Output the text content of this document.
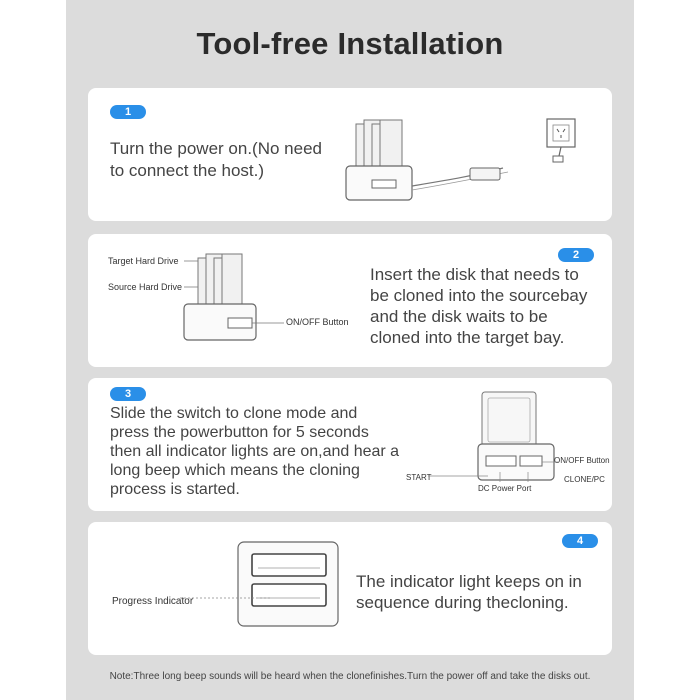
Tool-free Installation
1
Turn the power on.(No need to connect the host.)
2
Insert the disk that needs to be cloned into the sourcebay and the disk waits to be cloned into the target bay.
Target Hard Drive
Source Hard Drive
ON/OFF Button
3
Slide the switch to clone mode and press the powerbutton for 5 seconds then all indicator lights are on,and hear a long beep which means the cloning process is started.
ON/OFF Button
START	CLONE/PC
DC Power Port
4
The indicator light keeps on in sequence during thecloning.
Progress Indicator
Note:Three long beep sounds will be heard when the clonefinishes.Turn the power off and take the disks out.
